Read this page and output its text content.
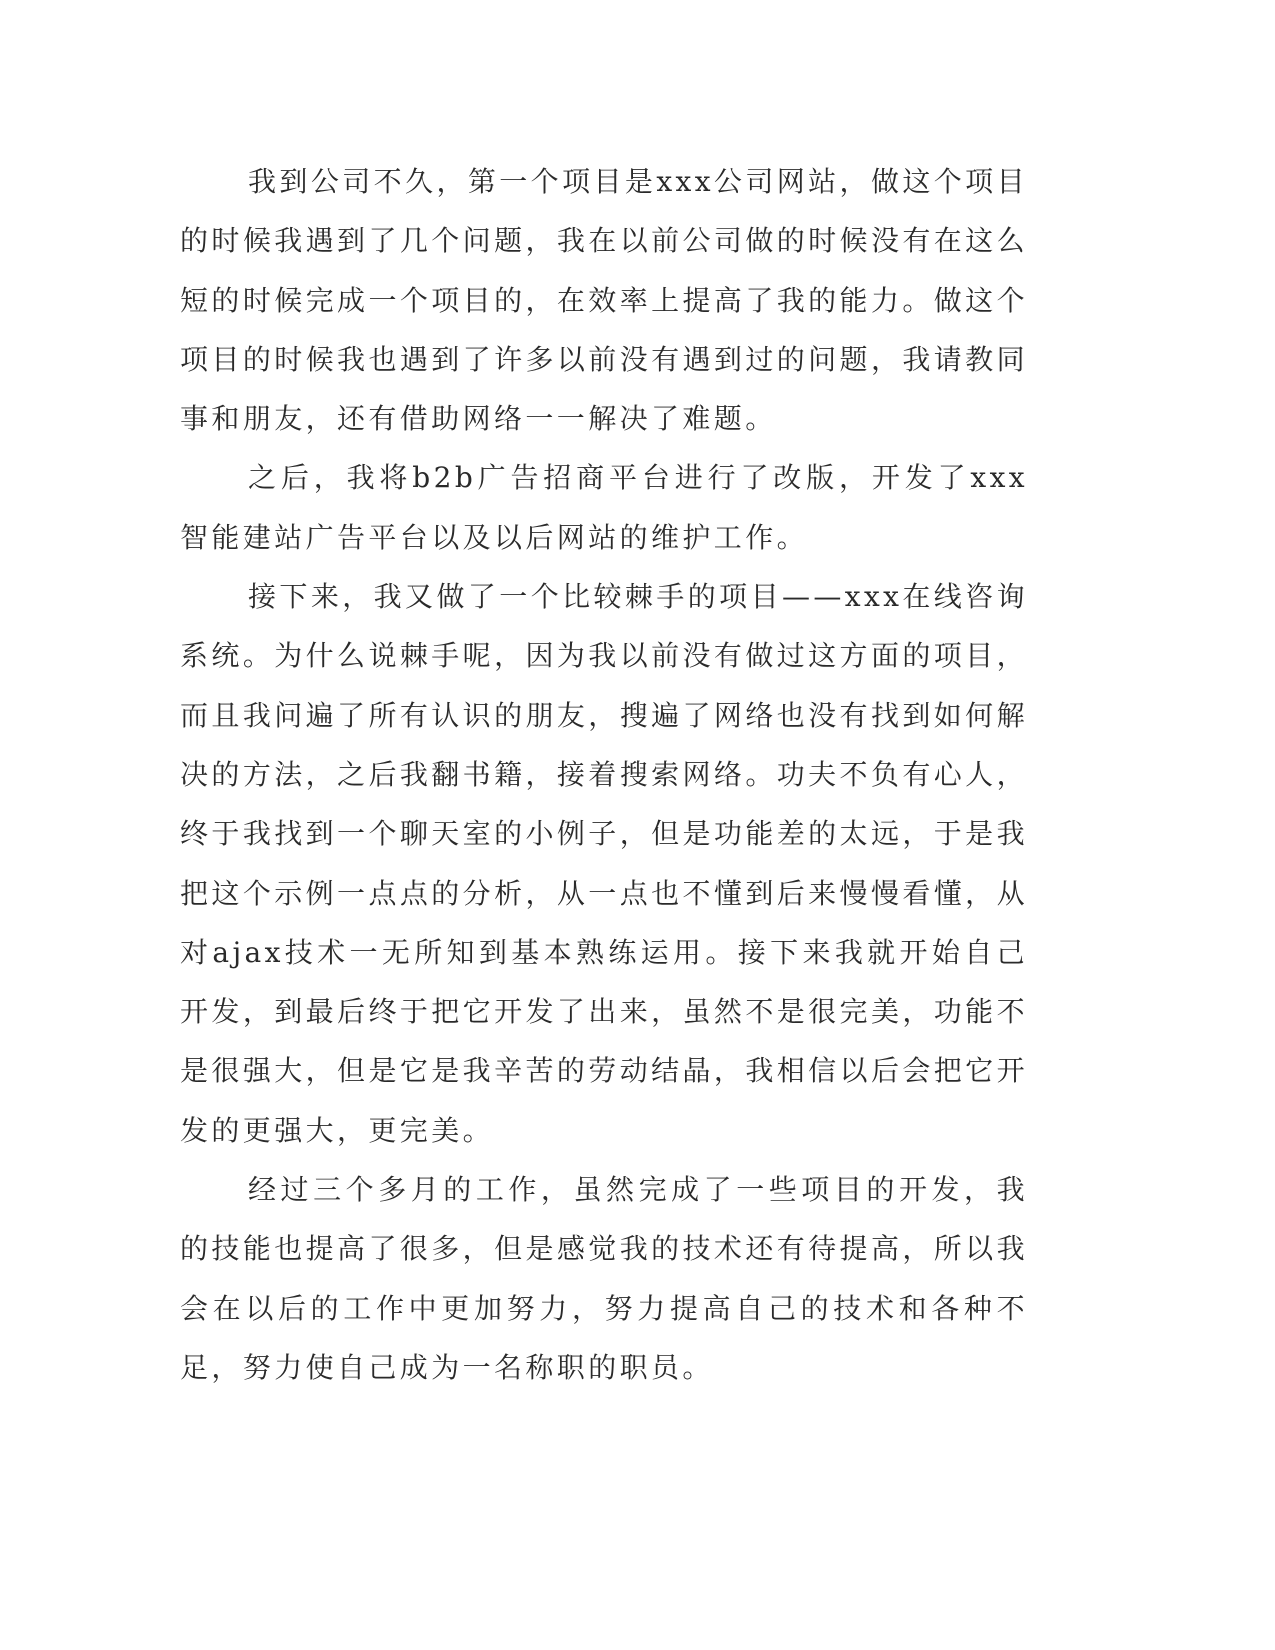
我到公司不久，第一个项目是xxx公司网站，做这个项目的时候我遇到了几个问题，我在以前公司做的时候没有在这么短的时候完成一个项目的，在效率上提高了我的能力。做这个项目的时候我也遇到了许多以前没有遇到过的问题，我请教同事和朋友，还有借助网络一一解决了难题。

之后，我将b2b广告招商平台进行了改版，开发了xxx智能建站广告平台以及以后网站的维护工作。

接下来，我又做了一个比较棘手的项目——xxx在线咨询系统。为什么说棘手呢，因为我以前没有做过这方面的项目，而且我问遍了所有认识的朋友，搜遍了网络也没有找到如何解决的方法，之后我翻书籍，接着搜索网络。功夫不负有心人，终于我找到一个聊天室的小例子，但是功能差的太远，于是我把这个示例一点点的分析，从一点也不懂到后来慢慢看懂，从对ajax技术一无所知到基本熟练运用。接下来我就开始自己开发，到最后终于把它开发了出来，虽然不是很完美，功能不是很强大，但是它是我辛苦的劳动结晶，我相信以后会把它开发的更强大，更完美。

经过三个多月的工作，虽然完成了一些项目的开发，我的技能也提高了很多，但是感觉我的技术还有待提高，所以我会在以后的工作中更加努力，努力提高自己的技术和各种不足，努力使自己成为一名称职的职员。
